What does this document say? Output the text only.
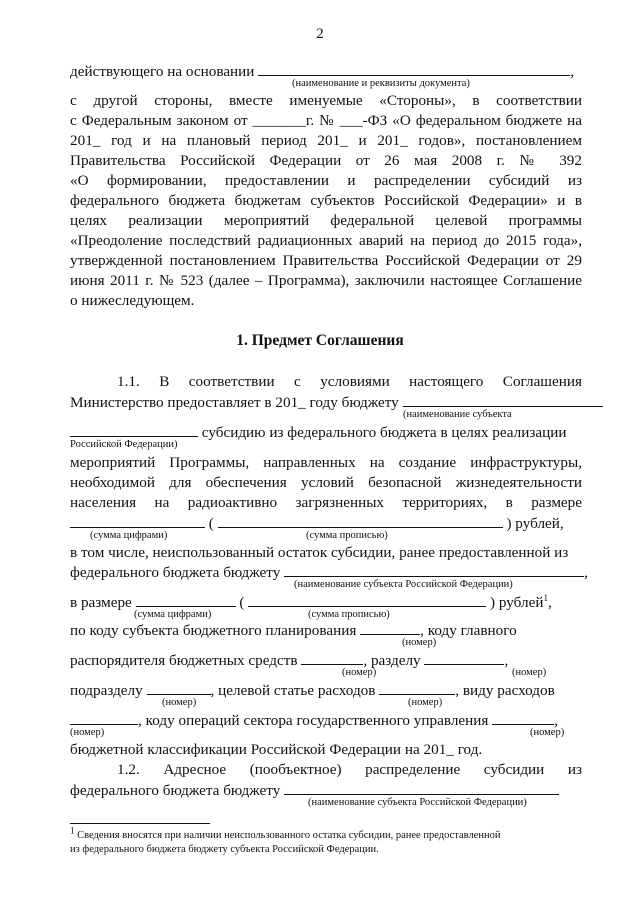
2
действующего на основании	,
(наименование и реквизиты документа)
с другой стороны, вместе именуемые «Стороны», в соответствии
с Федеральным законом от _______г. № ___-ФЗ «О федеральном бюджете на
201_ год и на плановый период 201_ и 201_ годов», постановлением
Правительства Российской Федерации от 26 мая 2008 г. № 392
«О формировании, предоставлении и распределении субсидий из
федерального бюджета бюджетам субъектов Российской Федерации» и в
целях реализации мероприятий федеральной целевой программы
«Преодоление последствий радиационных аварий на период до 2015 года»,
утвержденной постановлением Правительства Российской Федерации от 29
июня 2011 г. № 523 (далее – Программа), заключили настоящее Соглашение
о нижеследующем.
1. Предмет Соглашения
1.1. В соответствии с условиями настоящего Соглашения
Министерство предоставляет в 201_ году бюджету
(наименование субъекта
субсидию из федерального бюджета в целях реализации
Российской Федерации)
мероприятий Программы, направленных на создание инфраструктуры,
необходимой для обеспечения условий безопасной жизнедеятельности
населения на радиоактивно загрязненных территориях, в размере
(	) рублей,
(сумма цифрами)	(сумма прописью)
в том числе, неиспользованный остаток субсидии, ранее предоставленной из
федерального бюджета бюджету	,
(наименование субъекта Российской Федерации)
в размере	(	) рублей$^1$,
(сумма цифрами)	(сумма прописью)
по коду субъекта бюджетного планирования	, коду главного
(номер)
распорядителя бюджетных средств	, разделу	,
(номер)	(номер)
подразделу	, целевой статье расходов	, виду расходов
(номер)	(номер)
, коду операций сектора государственного управления	,
(номер)	(номер)
бюджетной классификации Российской Федерации на 201_ год.
1.2. Адресное (пообъектное) распределение субсидии из
федерального бюджета бюджету
(наименование субъекта Российской Федерации)
$^1$ Сведения вносятся при наличии неиспользованного остатка субсидии, ранее предоставленной
из федерального бюджета бюджету субъекта Российской Федерации.
